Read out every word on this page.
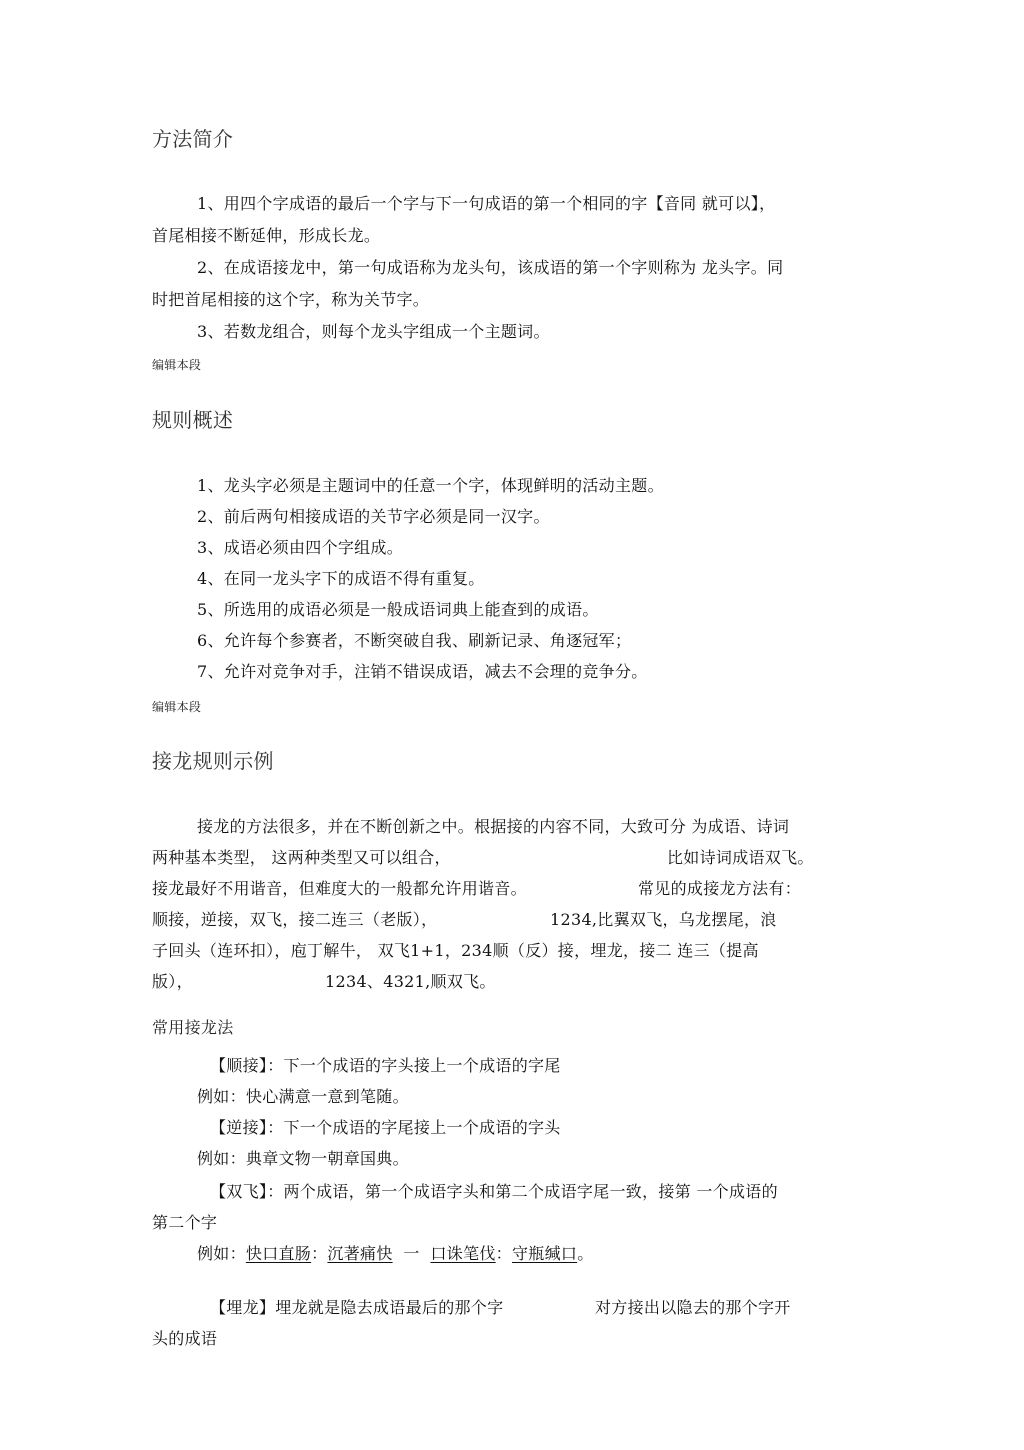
方法简介
1、用四个字成语的最后一个字与下一句成语的第一个相同的字【音同 就可以】，
首尾相接不断延伸，形成长龙。
2、在成语接龙中，第一句成语称为龙头句，该成语的第一个字则称为 龙头字。同
时把首尾相接的这个字，称为关节字。
3、若数龙组合，则每个龙头字组成一个主题词。
编辑本段
规则概述
1、龙头字必须是主题词中的任意一个字，体现鲜明的活动主题。
2、前后两句相接成语的关节字必须是同一汉字。
3、成语必须由四个字组成。
4、在同一龙头字下的成语不得有重复。
5、所选用的成语必须是一般成语词典上能查到的成语。
6、允许每个参赛者，不断突破自我、刷新记录、角逐冠军；
7、允许对竞争对手，注销不错误成语，减去不会理的竞争分。
编辑本段
接龙规则示例
接龙的方法很多，并在不断创新之中。根据接的内容不同，大致可分 为成语、诗词
两种基本类型， 这两种类型又可以组合，	比如诗词成语双飞。
接龙最好不用谐音，但难度大的一般都允许用谐音。	常见的成接龙方法有：
顺接，逆接，双飞，接二连三（老版），	1234,比翼双飞，乌龙摆尾，浪
子回头（连环扣），庖丁解牛， 双飞1+1，234顺（反）接，埋龙，接二 连三（提高
版），	1234、4321,顺双飞。
常用接龙法
【顺接】：下一个成语的字头接上一个成语的字尾
例如：快心满意一意到笔随。
【逆接】：下一个成语的字尾接上一个成语的字头
例如：典章文物一朝章国典。
【双飞】：两个成语，第一个成语字头和第二个成语字尾一致，接第 一个成语的
第二个字
例如：快口直肠：沉著痛快  一  口诛笔伐：守瓶缄口。
【埋龙】埋龙就是隐去成语最后的那个字	对方接出以隐去的那个字开
头的成语
